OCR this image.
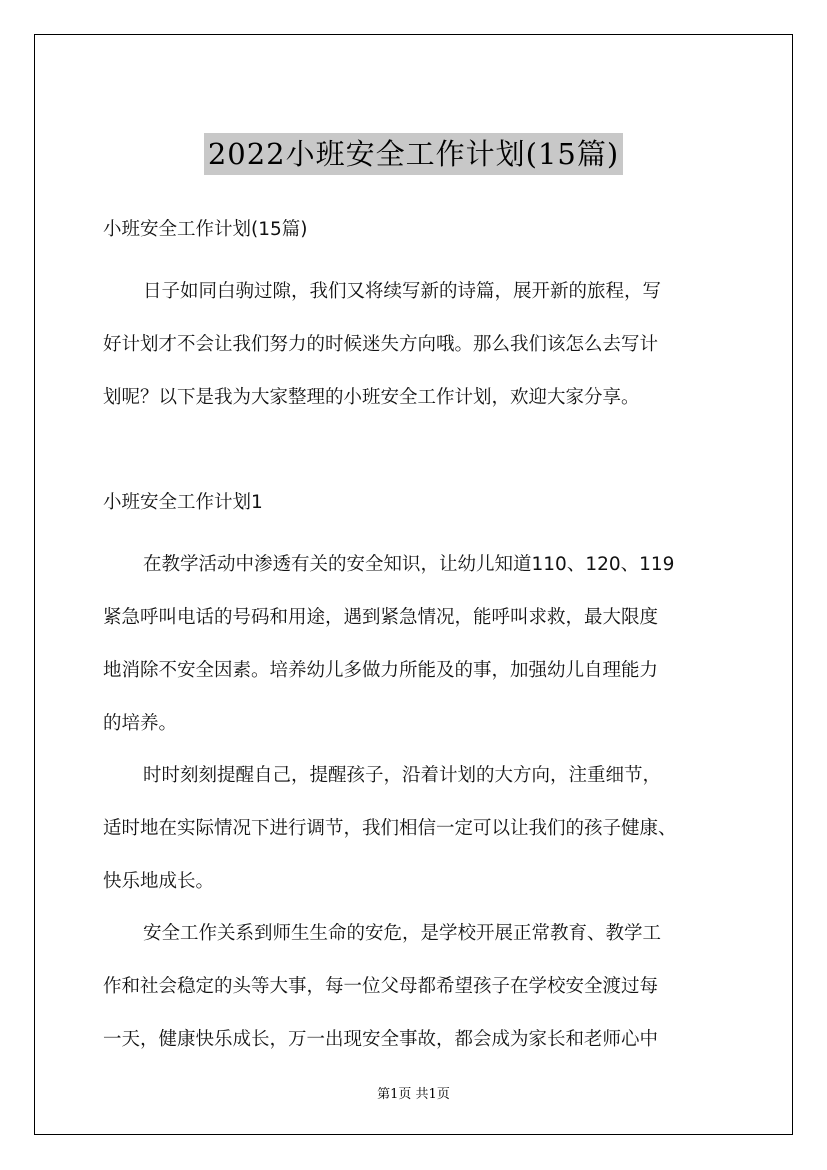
2022小班安全工作计划(15篇)
小班安全工作计划(15篇)
日子如同白驹过隙，我们又将续写新的诗篇，展开新的旅程，写
好计划才不会让我们努力的时候迷失方向哦。那么我们该怎么去写计
划呢？以下是我为大家整理的小班安全工作计划，欢迎大家分享。
小班安全工作计划1
在教学活动中渗透有关的安全知识，让幼儿知道110、120、119
紧急呼叫电话的号码和用途，遇到紧急情况，能呼叫求救，最大限度
地消除不安全因素。培养幼儿多做力所能及的事，加强幼儿自理能力
的培养。
时时刻刻提醒自己，提醒孩子，沿着计划的大方向，注重细节，
适时地在实际情况下进行调节，我们相信一定可以让我们的孩子健康、
快乐地成长。
安全工作关系到师生生命的安危，是学校开展正常教育、教学工
作和社会稳定的头等大事，每一位父母都希望孩子在学校安全渡过每
一天，健康快乐成长，万一出现安全事故，都会成为家长和老师心中
第1页 共1页
